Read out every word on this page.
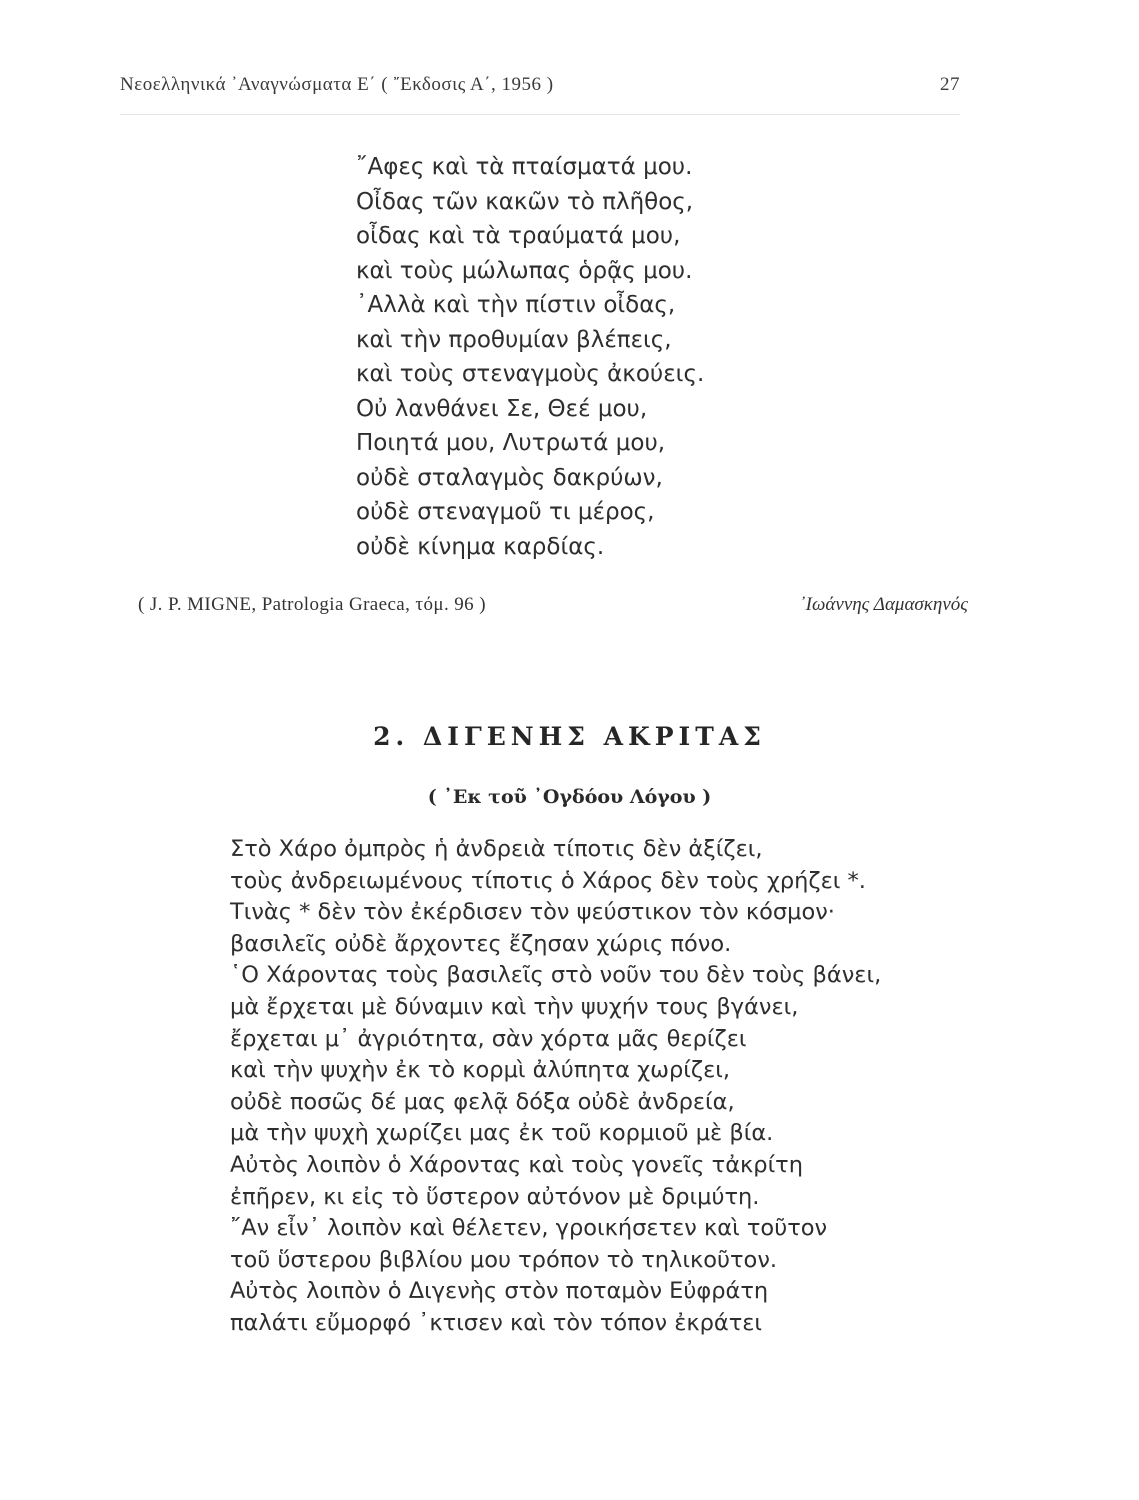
Νεοελληνικά ᾿Αναγνώσματα Ε΄ ( ῎Εκδοσις Α΄, 1956 )	27
῎Αφες καὶ τὰ πταίσματά μου.
Οἶδας τῶν κακῶν τὸ πλῆθος,
οἶδας καὶ τὰ τραύματά μου,
καὶ τοὺς μώλωπας ὁρᾷς μου.
᾿Αλλὰ καὶ τὴν πίστιν οἶδας,
καὶ τὴν προθυμίαν βλέπεις,
καὶ τοὺς στεναγμοὺς ἀκούεις.
Οὐ λανθάνει Σε, Θεέ μου,
Ποιητά μου, Λυτρωτά μου,
οὐδὲ σταλαγμὸς δακρύων,
οὐδὲ στεναγμοῦ τι μέρος,
οὐδὲ κίνημα καρδίας.
( J. P. MIGNE, Patrologia Graeca, τόμ. 96 )	᾿Ιωάννης Δαμασκηνός
2. ΔΙΓΕΝΗΣ ΑΚΡΙΤΑΣ
( ᾿Εκ τοῦ ᾿Ογδόου Λόγου )
Στὸ Χάρο ὀμπρὸς ἡ ἀνδρειὰ τίποτις δὲν ἀξίζει,
τοὺς ἀνδρειωμένους τίποτις ὁ Χάρος δὲν τοὺς χρήζει *.
Τινὰς * δὲν τὸν ἐκέρδισεν τὸν ψεύστικον τὸν κόσμον·
βασιλεῖς οὐδὲ ἄρχοντες ἔζησαν χώρις πόνο.
῾Ο Χάροντας τοὺς βασιλεῖς στὸ νοῦν του δὲν τοὺς βάνει,
μὰ ἔρχεται μὲ δύναμιν καὶ τὴν ψυχήν τους βγάνει,
ἔρχεται μ᾿ ἀγριότητα, σὰν χόρτα μᾶς θερίζει
καὶ τὴν ψυχὴν ἐκ τὸ κορμὶ ἀλύπητα χωρίζει,
οὐδὲ ποσῶς δέ μας φελᾷ δόξα οὐδὲ ἀνδρεία,
μὰ τὴν ψυχὴ χωρίζει μας ἐκ τοῦ κορμιοῦ μὲ βία.
Αὐτὸς λοιπὸν ὁ Χάροντας καὶ τοὺς γονεῖς τἀκρίτη
ἐπῆρεν, κι εἰς τὸ ὕστερον αὐτόνον μὲ δριμύτη.
῎Αν εἶν᾿ λοιπὸν καὶ θέλετεν, γροικήσετεν καὶ τοῦτον
τοῦ ὕστερου βιβλίου μου τρόπον τὸ τηλικοῦτον.
Αὐτὸς λοιπὸν ὁ Διγενὴς στὸν ποταμὸν Εὐφράτη
παλάτι εὔμορφό ᾿κτισεν καὶ τὸν τόπον ἐκράτει
